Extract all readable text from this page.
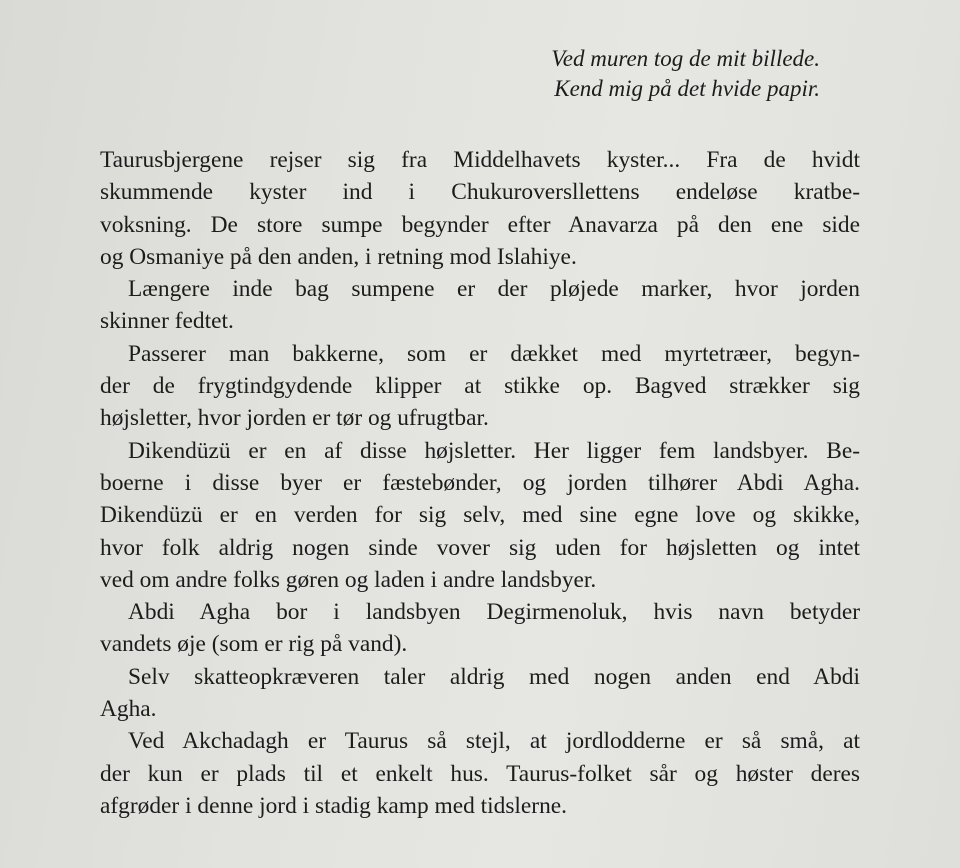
Ved muren tog de mit billede.
Kend mig på det hvide papir.
Taurusbjergene rejser sig fra Middelhavets kyster... Fra de hvidt
skummende kyster ind i Chukuroversllettens endeløse kratbe-
voksning. De store sumpe begynder efter Anavarza på den ene side
og Osmaniye på den anden, i retning mod Islahiye.
Længere inde bag sumpene er der pløjede marker, hvor jorden
skinner fedtet.
Passerer man bakkerne, som er dækket med myrtetræer, begyn-
der de frygtindgydende klipper at stikke op. Bagved strækker sig
højsletter, hvor jorden er tør og ufrugtbar.
Dikendüzü er en af disse højsletter. Her ligger fem landsbyer. Be-
boerne i disse byer er fæstebønder, og jorden tilhører Abdi Agha.
Dikendüzü er en verden for sig selv, med sine egne love og skikke,
hvor folk aldrig nogen sinde vover sig uden for højsletten og intet
ved om andre folks gøren og laden i andre landsbyer.
Abdi Agha bor i landsbyen Degirmenoluk, hvis navn betyder
vandets øje (som er rig på vand).
Selv skatteopkræveren taler aldrig med nogen anden end Abdi
Agha.
Ved Akchadagh er Taurus så stejl, at jordlodderne er så små, at
der kun er plads til et enkelt hus. Taurus-folket sår og høster deres
afgrøder i denne jord i stadig kamp med tidslerne.
